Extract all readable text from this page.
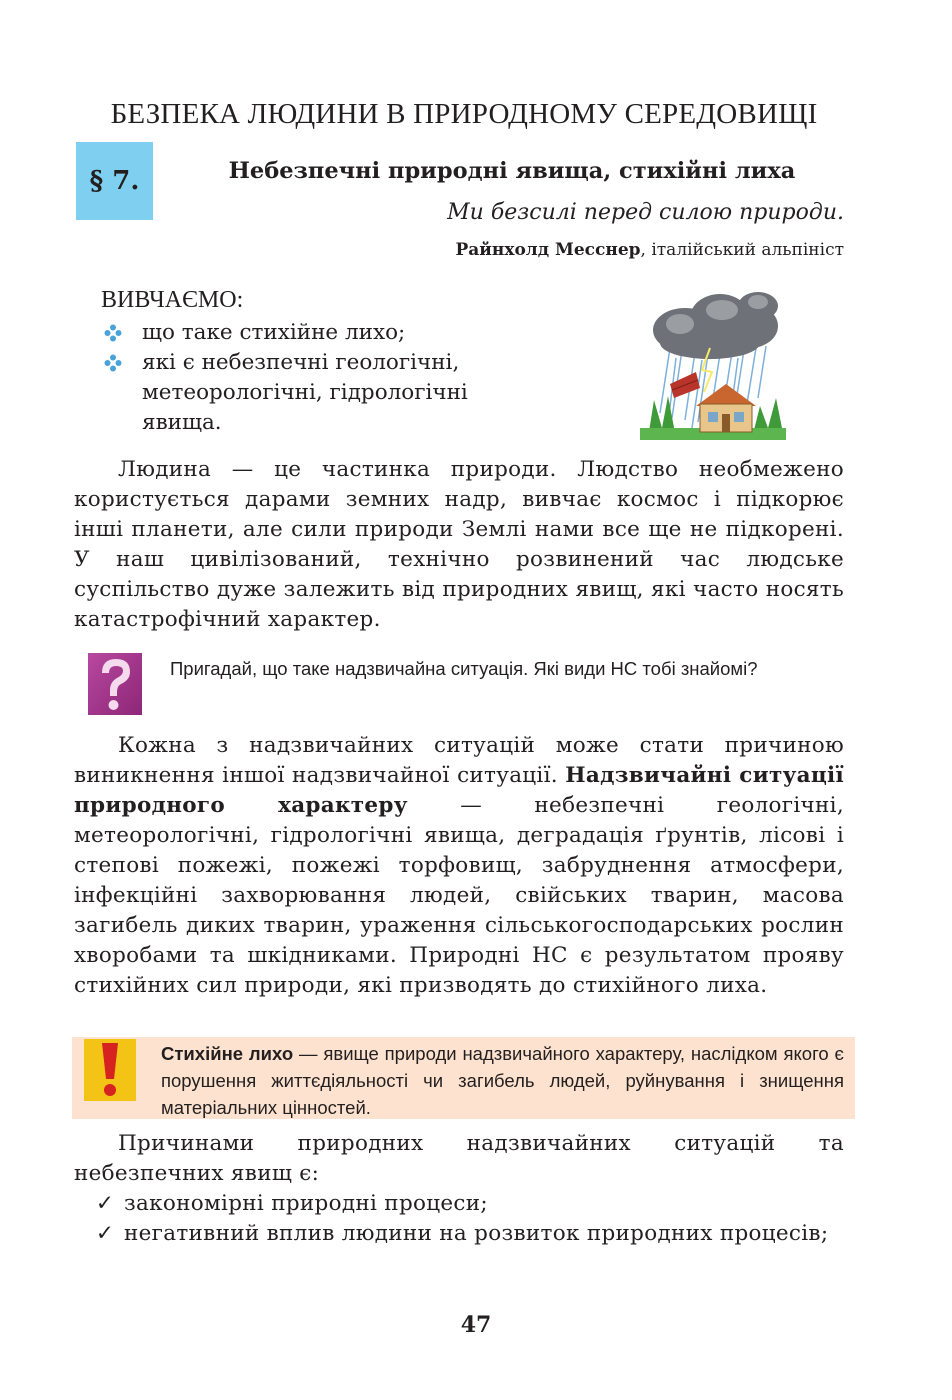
БЕЗПЕКА ЛЮДИНИ В ПРИРОДНОМУ СЕРЕДОВИЩІ
§ 7.	Небезпечні природні явища, стихійні лиха
Ми безсилі перед силою природи.
Райнхолд Месснер, італійський альпініст
ВИВЧАЄМО:
що таке стихійне лихо;
які є небезпечні геологічні, метеорологічні, гідрологічні явища.

Людина — це частинка природи. Людство необмежено користується дарами земних надр, вивчає космос і підкорює інші планети, але сили природи Землі нами все ще не підкорені. У наш цивілізований, технічно розвинений час людське суспільство дуже залежить від природних явищ, які часто носять катастрофічний характер.

Пригадай, що таке надзвичайна ситуація. Які види НС тобі знайомі?

Кожна з надзвичайних ситуацій може стати причиною виникнення іншої надзвичайної ситуації. Надзвичайні ситуації природного характеру — небезпечні геологічні, метеорологічні, гідрологічні явища, деградація ґрунтів, лісові і степові пожежі, пожежі торфовищ, забруднення атмосфери, інфекційні захворювання людей, свійських тварин, масова загибель диких тварин, ураження сільськогосподарських рослин хворобами та шкідниками. Природні НС є результатом прояву стихійних сил природи, які призводять до стихійного лиха.

Стихійне лихо — явище природи надзвичайного характеру, наслідком якого є порушення життєдіяльності чи загибель людей, руйнування і знищення матеріальних цінностей.

Причинами природних надзвичайних ситуацій та небезпечних явищ є:

✓ закономірні природні процеси;

✓ негативний вплив людини на розвиток природних процесів;

47
